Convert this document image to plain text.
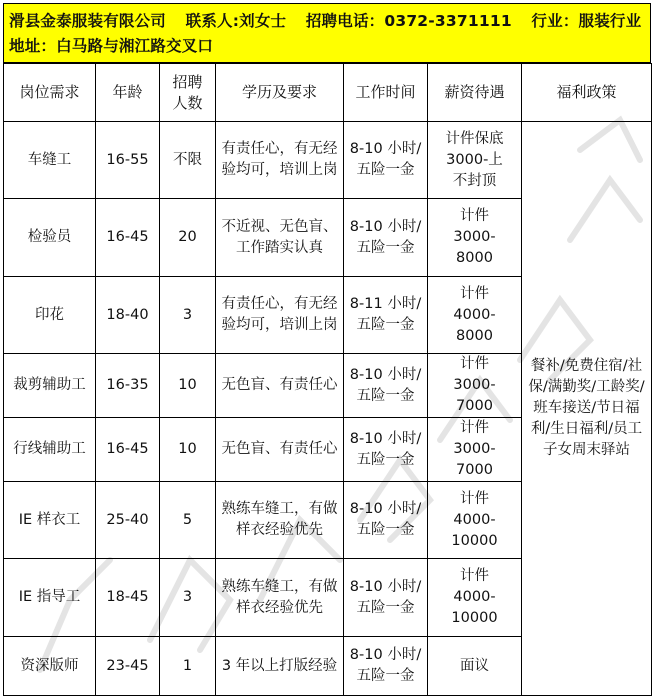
滑县金泰服装有限公司 联系人:刘女士 招聘电话：0372-3371111 行业：服装行业
地址：白马路与湘江路交叉口
岗位需求	年龄	招聘人数	学历及要求	工作时间	薪资待遇	福利政策
车缝工	16-55	不限	有责任心，有无经验均可，培训上岗	8-10 小时/五险一金	计件保底 3000-上不封顶	餐补/免费住宿/社保/满勤奖/工龄奖/班车接送/节日福利/生日福利/员工子女周末驿站
检验员	16-45	20	不近视、无色盲、工作踏实认真	8-10 小时/五险一金	计件3000-8000	
印花	18-40	3	有责任心，有无经验均可，培训上岗	8-11 小时/五险一金	计件4000-8000	
裁剪辅助工	16-35	10	无色盲、有责任心	8-10 小时/五险一金	计件3000-7000	
行线辅助工	16-45	10	无色盲、有责任心	8-10 小时/五险一金	计件3000-7000	
IE 样衣工	25-40	5	熟练车缝工，有做样衣经验优先	8-10 小时/五险一金	计件4000-10000	
IE 指导工	18-45	3	熟练车缝工，有做样衣经验优先	8-10 小时/五险一金	计件4000-10000	
资深版师	23-45	1	3 年以上打版经验	8-10 小时/五险一金	面议	
